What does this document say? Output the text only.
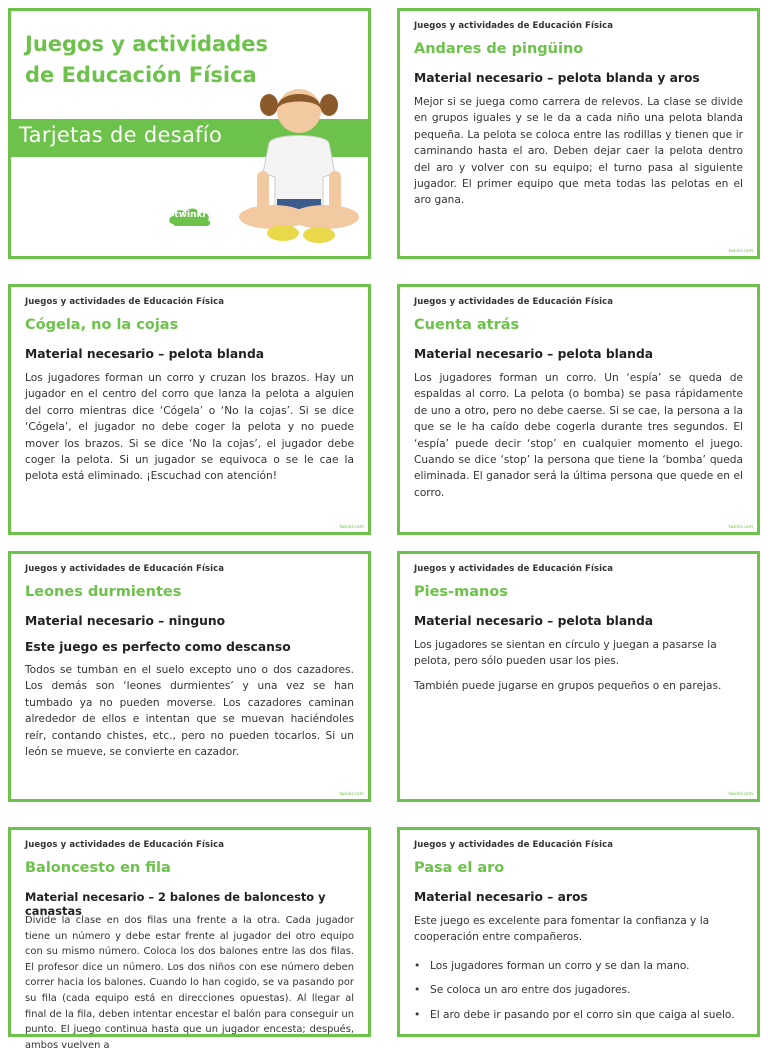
Juegos y actividades
de Educación Física
Tarjetas de desafío
twinkl
Juegos y actividades de Educación Física
Andares de pingüino
Material necesario – pelota blanda y aros

Mejor si se juega como carrera de relevos. La clase se divide en grupos iguales y se le da a cada niño una pelota blanda pequeña. La pelota se coloca entre las rodillas y tienen que ir caminando hasta el aro. Deben dejar caer la pelota dentro del aro y volver con su equipo; el turno pasa al siguiente jugador. El primer equipo que meta todas las pelotas en el aro gana.

twinkl.com
Juegos y actividades de Educación Física
Cógela, no la cojas
Material necesario – pelota blanda

Los jugadores forman un corro y cruzan los brazos. Hay un jugador en el centro del corro que lanza la pelota a alguien del corro mientras dice ‘Cógela’ o ‘No la cojas’. Si se dice ‘Cógela’, el jugador no debe coger la pelota y no puede mover los brazos. Si se dice ‘No la cojas’, el jugador debe coger la pelota. Si un jugador se equivoca o se le cae la pelota está eliminado. ¡Escuchad con atención!

twinkl.com
Juegos y actividades de Educación Física
Cuenta atrás
Material necesario – pelota blanda

Los jugadores forman un corro. Un ‘espía’ se queda de espaldas al corro. La pelota (o bomba) se pasa rápidamente de uno a otro, pero no debe caerse. Si se cae, la persona a la que se le ha caído debe cogerla durante tres segundos. El ‘espía’ puede decir ‘stop’ en cualquier momento el juego. Cuando se dice ‘stop’ la persona que tiene la ‘bomba’ queda eliminada. El ganador será la última persona que quede en el corro.

twinkl.com
Juegos y actividades de Educación Física
Leones durmientes
Material necesario – ninguno
Este juego es perfecto como descanso

Todos se tumban en el suelo excepto uno o dos cazadores. Los demás son ‘leones durmientes’ y una vez se han tumbado ya no pueden moverse. Los cazadores caminan alrededor de ellos e intentan que se muevan haciéndoles reír, contando chistes, etc., pero no pueden tocarlos. Si un león se mueve, se convierte en cazador.

twinkl.com
Juegos y actividades de Educación Física
Pies-manos
Material necesario – pelota blanda

Los jugadores se sientan en círculo y juegan a pasarse la pelota, pero sólo pueden usar los pies.

También puede jugarse en grupos pequeños o en parejas.

twinkl.com
Juegos y actividades de Educación Física
Baloncesto en fila
Material necesario – 2 balones de baloncesto y canastas

Divide la clase en dos filas una frente a la otra. Cada jugador tiene un número y debe estar frente al jugador del otro equipo con su mismo número. Coloca los dos balones entre las dos filas. El profesor dice un número. Los dos niños con ese número deben correr hacia los balones. Cuando lo han cogido, se va pasando por su fila (cada equipo está en direcciones opuestas). Al llegar al final de la fila, deben intentar encestar el balón para conseguir un punto. El juego continua hasta que un jugador encesta; después, ambos vuelven a

Juegos y actividades de Educación Física
Pasa el aro
Material necesario – aros

Este juego es excelente para fomentar la confianza y la cooperación entre compañeros.

• Los jugadores forman un corro y se dan la mano.
• Se coloca un aro entre dos jugadores.
• El aro debe ir pasando por el corro sin que caiga al suelo.
